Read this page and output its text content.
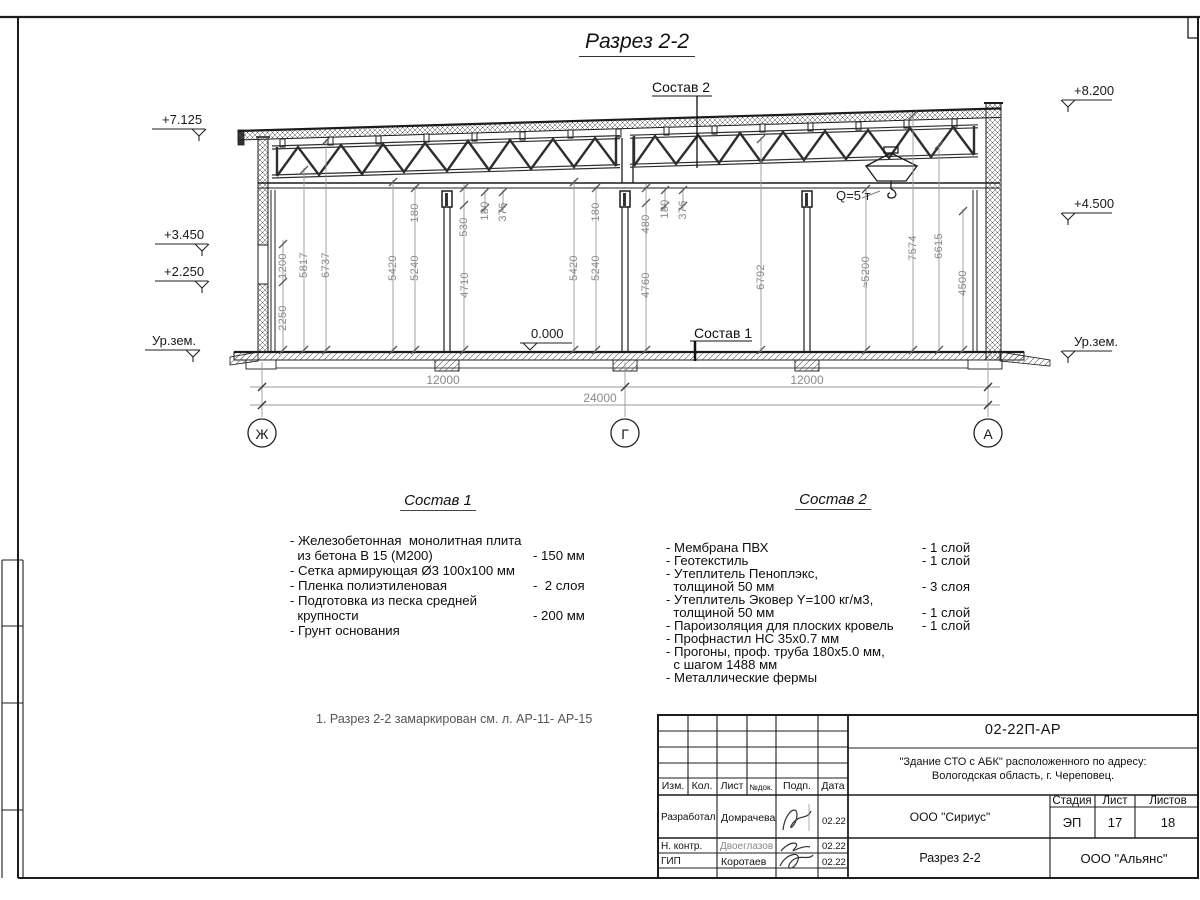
Разрез 2-2
Состав 2
Состав 1
Q=5 т
0.000
+7.125
+3.450
+2.250
Ур.зем.
+8.200
+4.500
Ур.зем.
1200 5817 6737
2250
5420 5240
180
530
4710
180 376
5420 5240
180
480
4760
180 376
6792	≈5200
7574 6615
4500
12000	12000
24000
Ж	Г	А
Состав 1
- Железобетонная  монолитная плита
из бетона В 15 (М200)	- 150 мм
- Сетка армирующая Ø3 100х100 мм
- Пленка полиэтиленовая	-  2 слоя
- Подготовка из песка средней
крупности	- 200 мм
- Грунт основания
Состав 2
- Мембрана ПВХ	- 1 слой
- Геотекстиль	- 1 слой
- Утеплитель Пеноплэкс,
толщиной 50 мм	- 3 слоя
- Утеплитель Эковер Y=100 кг/м3,
толщиной 50 мм	- 1 слой
- Пароизоляция для плоских кровель - 1 слой
- Профнастил НС 35х0.7 мм
- Прогоны, проф. труба 180х5.0 мм,
с шагом 1488 мм
- Металлические фермы
1. Разрез 2-2 замаркирован см. л. АР-11- АР-15
02-22П-АР
"Здание СТО с АБК" расположенного по адресу:
Вологодская область, г. Череповец.
ООО "Сириус"
Стадия Лист Листов
ЭП 17	18
Разрез 2-2	ООО "Альянс"
Изм. Кол. Лист №док. Подп. Дата
Разработал Домрачева	02.22
Н. контр. Двоеглазов	02.22
ГИП	Коротаев	02.22
